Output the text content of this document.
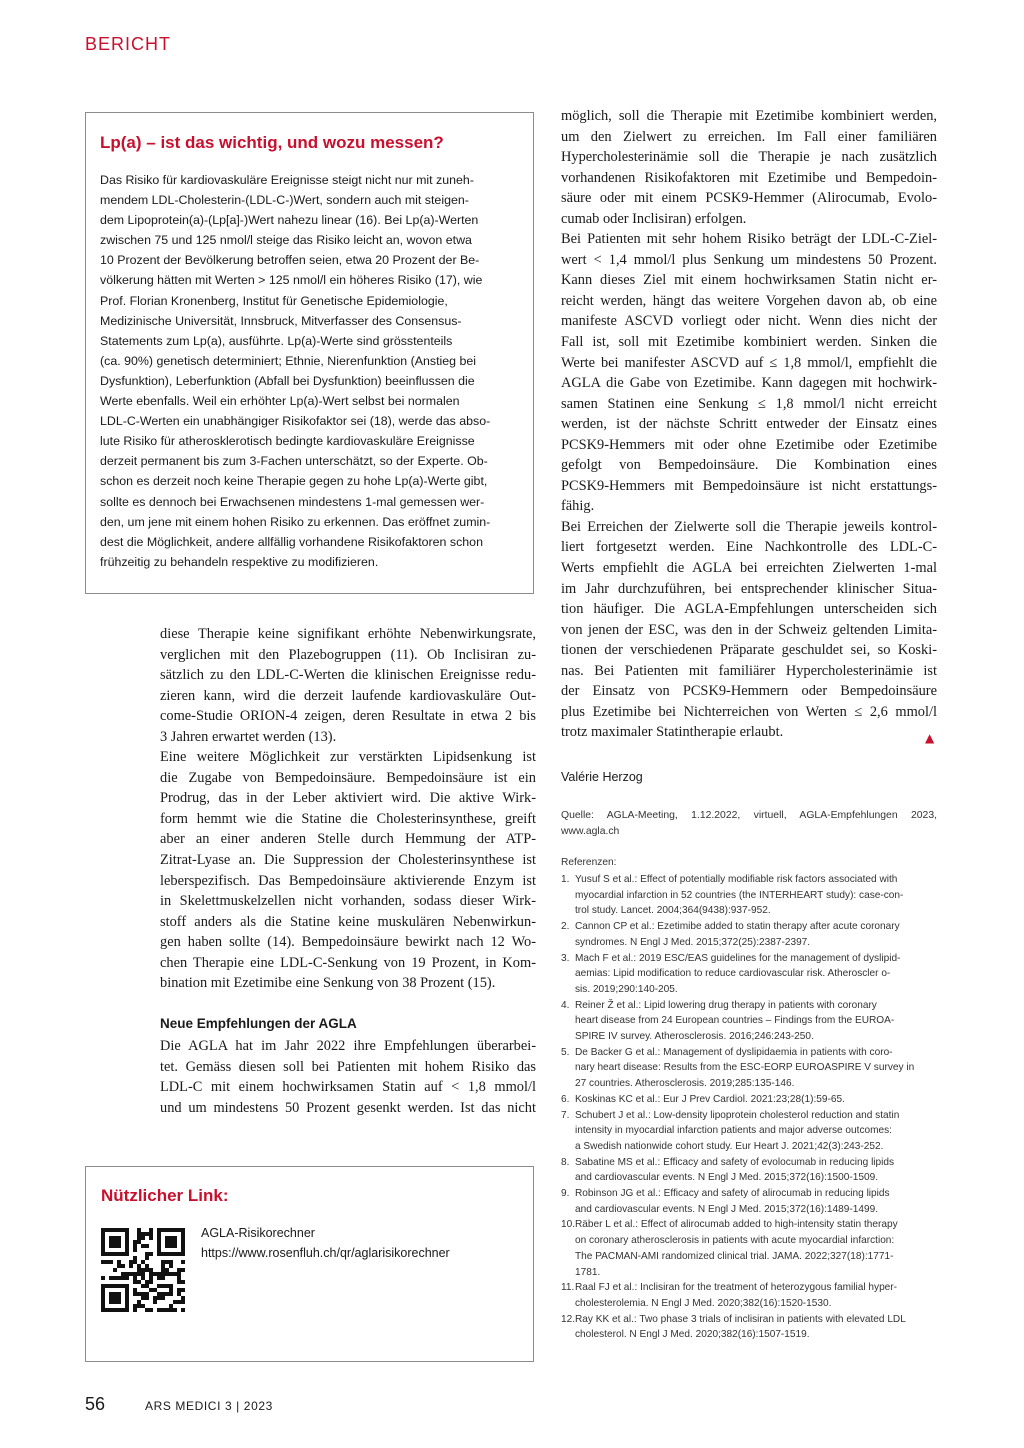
BERICHT
Lp(a) – ist das wichtig, und wozu messen?

Das Risiko für kardiovaskuläre Ereignisse steigt nicht nur mit zuneh-
mendem LDL-Cholesterin-(LDL-C-)Wert, sondern auch mit steigen-
dem Lipoprotein(a)-(Lp[a]-)Wert nahezu linear (16). Bei Lp(a)-Werten
zwischen 75 und 125 nmol/l steige das Risiko leicht an, wovon etwa
10 Prozent der Bevölkerung betroffen seien, etwa 20 Prozent der Be-
völkerung hätten mit Werten > 125 nmol/l ein höheres Risiko (17), wie
Prof. Florian Kronenberg, Institut für Genetische Epidemiologie,
Medizinische Universität, Innsbruck, Mitverfasser des Consensus-
Statements zum Lp(a), ausführte. Lp(a)-Werte sind grösstenteils
(ca. 90%) genetisch determiniert; Ethnie, Nierenfunktion (Anstieg bei
Dysfunktion), Leberfunktion (Abfall bei Dysfunktion) beeinflussen die
Werte ebenfalls. Weil ein erhöhter Lp(a)-Wert selbst bei normalen
LDL-C-Werten ein unabhängiger Risikofaktor sei (18), werde das abso-
lute Risiko für atherosklerotisch bedingte kardiovaskuläre Ereignisse
derzeit permanent bis zum 3-Fachen unterschätzt, so der Experte. Ob-
schon es derzeit noch keine Therapie gegen zu hohe Lp(a)-Werte gibt,
sollte es dennoch bei Erwachsenen mindestens 1-mal gemessen wer-
den, um jene mit einem hohen Risiko zu erkennen. Das eröffnet zumin-
dest die Möglichkeit, andere allfällig vorhandene Risikofaktoren schon
frühzeitig zu behandeln respektive zu modifizieren.

diese Therapie keine signifikant erhöhte Nebenwirkungsrate,
verglichen mit den Plazebogruppen (11). Ob Inclisiran zu-
sätzlich zu den LDL-C-Werten die klinischen Ereignisse redu-
zieren kann, wird die derzeit laufende kardiovaskuläre Out-
come-Studie ORION-4 zeigen, deren Resultate in etwa 2 bis
3 Jahren erwartet werden (13).
Eine weitere Möglichkeit zur verstärkten Lipidsenkung ist
die Zugabe von Bempedoinsäure. Bempedoinsäure ist ein
Prodrug, das in der Leber aktiviert wird. Die aktive Wirk-
form hemmt wie die Statine die Cholesterinsynthese, greift
aber an einer anderen Stelle durch Hemmung der ATP-
Zitrat-Lyase an. Die Suppression der Cholesterinsynthese ist
leberspezifisch. Das Bempedoinsäure aktivierende Enzym ist
in Skelettmuskelzellen nicht vorhanden, sodass dieser Wirk-
stoff anders als die Statine keine muskulären Nebenwirkun-
gen haben sollte (14). Bempedoinsäure bewirkt nach 12 Wo-
chen Therapie eine LDL-C-Senkung von 19 Prozent, in Kom-
bination mit Ezetimibe eine Senkung von 38 Prozent (15).

Neue Empfehlungen der AGLA

Die AGLA hat im Jahr 2022 ihre Empfehlungen überarbei-
tet. Gemäss diesen soll bei Patienten mit hohem Risiko das
LDL-C mit einem hochwirksamen Statin auf < 1,8 mmol/l
und um mindestens 50 Prozent gesenkt werden. Ist das nicht

möglich, soll die Therapie mit Ezetimibe kombiniert werden,
um den Zielwert zu erreichen. Im Fall einer familiären
Hypercholesterinämie soll die Therapie je nach zusätzlich
vorhandenen Risikofaktoren mit Ezetimibe und Bempedoin-
säure oder mit einem PCSK9-Hemmer (Alirocumab, Evolo-
cumab oder Inclisiran) erfolgen.
Bei Patienten mit sehr hohem Risiko beträgt der LDL-C-Ziel-
wert < 1,4 mmol/l plus Senkung um mindestens 50 Prozent.
Kann dieses Ziel mit einem hochwirksamen Statin nicht er-
reicht werden, hängt das weitere Vorgehen davon ab, ob eine
manifeste ASCVD vorliegt oder nicht. Wenn dies nicht der
Fall ist, soll mit Ezetimibe kombiniert werden. Sinken die
Werte bei manifester ASCVD auf ≤ 1,8 mmol/l, empfiehlt die
AGLA die Gabe von Ezetimibe. Kann dagegen mit hochwirk-
samen Statinen eine Senkung ≤ 1,8 mmol/l nicht erreicht
werden, ist der nächste Schritt entweder der Einsatz eines
PCSK9-Hemmers mit oder ohne Ezetimibe oder Ezetimibe
gefolgt von Bempedoinsäure. Die Kombination eines
PCSK9-Hemmers mit Bempedoinsäure ist nicht erstattungs-
fähig.
Bei Erreichen der Zielwerte soll die Therapie jeweils kontrol-
liert fortgesetzt werden. Eine Nachkontrolle des LDL-C-
Werts empfiehlt die AGLA bei erreichten Zielwerten 1-mal
im Jahr durchzuführen, bei entsprechender klinischer Situa-
tion häufiger. Die AGLA-Empfehlungen unterscheiden sich
von jenen der ESC, was den in der Schweiz geltenden Limita-
tionen der verschiedenen Präparate geschuldet sei, so Koski-
nas. Bei Patienten mit familiärer Hypercholesterinämie ist
der Einsatz von PCSK9-Hemmern oder Bempedoinsäure
plus Ezetimibe bei Nichterreichen von Werten ≤ 2,6 mmol/l
trotz maximaler Statintherapie erlaubt.	▲

Valérie Herzog

Quelle: AGLA-Meeting, 1.12.2022, virtuell, AGLA-Empfehlungen 2023,
www.agla.ch

Referenzen:

1. Yusuf S et al.: Effect of potentially modifiable risk factors associated with
myocardial infarction in 52 countries (the INTERHEART study): case-con-
trol study. Lancet. 2004;364(9438):937-952.
2. Cannon CP et al.: Ezetimibe added to statin therapy after acute coronary
syndromes. N Engl J Med. 2015;372(25):2387-2397.
3. Mach F et al.: 2019 ESC/EAS guidelines for the management of dyslipid-
aemias: Lipid modification to reduce cardiovascular risk. Atheroscler o-
sis. 2019;290:140-205.
4. Reiner Ž et al.: Lipid lowering drug therapy in patients with coronary
heart disease from 24 European countries – Findings from the EUROA-
SPIRE IV survey. Atherosclerosis. 2016;246:243-250.
5. De Backer G et al.: Management of dyslipidaemia in patients with coro-
nary heart disease: Results from the ESC-EORP EUROASPIRE V survey in
27 countries. Atherosclerosis. 2019;285:135-146.
6. Koskinas KC et al.: Eur J Prev Cardiol. 2021:23;28(1):59-65.
7. Schubert J et al.: Low-density lipoprotein cholesterol reduction and statin
intensity in myocardial infarction patients and major adverse outcomes:
a Swedish nationwide cohort study. Eur Heart J. 2021;42(3):243-252.
8. Sabatine MS et al.: Efficacy and safety of evolocumab in reducing lipids
and cardiovascular events. N Engl J Med. 2015;372(16):1500-1509.
9. Robinson JG et al.: Efficacy and safety of alirocumab in reducing lipids
and cardiovascular events. N Engl J Med. 2015;372(16):1489-1499.
10. Räber L et al.: Effect of alirocumab added to high-intensity statin therapy
on coronary atherosclerosis in patients with acute myocardial infarction:
The PACMAN-AMI randomized clinical trial. JAMA. 2022;327(18):1771-
1781.
11. Raal FJ et al.: Inclisiran for the treatment of heterozygous familial hyper-
cholesterolemia. N Engl J Med. 2020;382(16):1520-1530.
12. Ray KK et al.: Two phase 3 trials of inclisiran in patients with elevated LDL
cholesterol. N Engl J Med. 2020;382(16):1507-1519.
Nützlicher Link:
AGLA-Risikorechner
https://www.rosenfluh.ch/qr/aglarisikorechner
56	ARS MEDICI 3 | 2023
